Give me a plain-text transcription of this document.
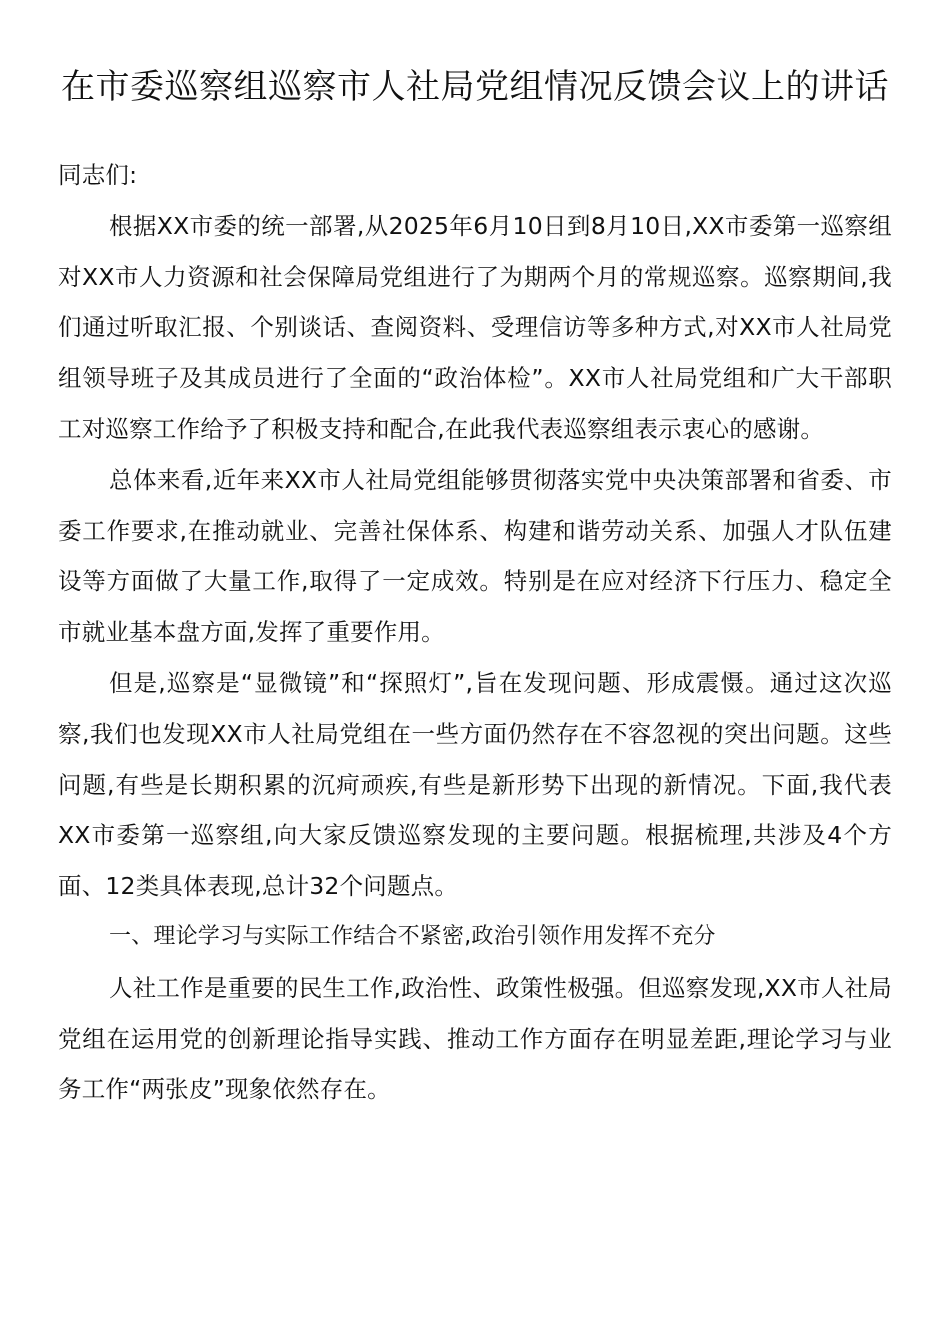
在市委巡察组巡察市人社局党组情况反馈会议上的讲话

同志们:

根据XX市委的统一部署,从2025年6月10日到8月10日,XX市委第一巡察组对XX市人力资源和社会保障局党组进行了为期两个月的常规巡察。巡察期间,我们通过听取汇报、个别谈话、查阅资料、受理信访等多种方式,对XX市人社局党组领导班子及其成员进行了全面的“政治体检”。XX市人社局党组和广大干部职工对巡察工作给予了积极支持和配合,在此我代表巡察组表示衷心的感谢。

总体来看,近年来XX市人社局党组能够贯彻落实党中央决策部署和省委、市委工作要求,在推动就业、完善社保体系、构建和谐劳动关系、加强人才队伍建设等方面做了大量工作,取得了一定成效。特别是在应对经济下行压力、稳定全市就业基本盘方面,发挥了重要作用。

但是,巡察是“显微镜”和“探照灯”,旨在发现问题、形成震慑。通过这次巡察,我们也发现XX市人社局党组在一些方面仍然存在不容忽视的突出问题。这些问题,有些是长期积累的沉疴顽疾,有些是新形势下出现的新情况。下面,我代表XX市委第一巡察组,向大家反馈巡察发现的主要问题。根据梳理,共涉及4个方面、12类具体表现,总计32个问题点。

一、理论学习与实际工作结合不紧密,政治引领作用发挥不充分

人社工作是重要的民生工作,政治性、政策性极强。但巡察发现,XX市人社局党组在运用党的创新理论指导实践、推动工作方面存在明显差距,理论学习与业务工作“两张皮”现象依然存在。
